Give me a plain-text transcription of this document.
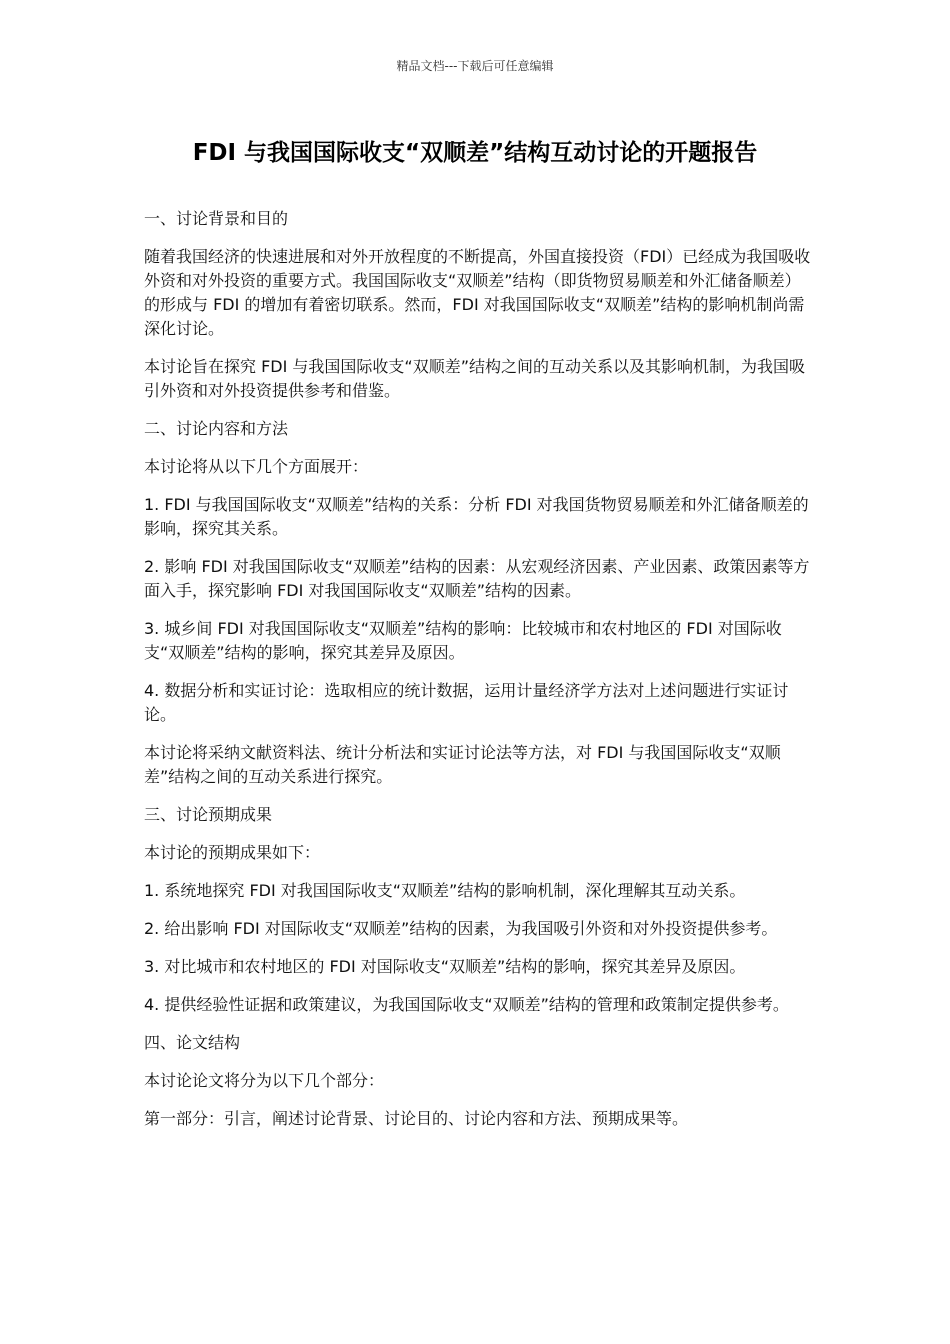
精品文档---下载后可任意编辑
FDI 与我国国际收支“双顺差”结构互动讨论的开题报告

一、讨论背景和目的

随着我国经济的快速进展和对外开放程度的不断提高，外国直接投资（FDI）已经成为我国吸收外资和对外投资的重要方式。我国国际收支“双顺差”结构（即货物贸易顺差和外汇储备顺差）的形成与 FDI 的增加有着密切联系。然而，FDI 对我国国际收支“双顺差”结构的影响机制尚需深化讨论。

本讨论旨在探究 FDI 与我国国际收支“双顺差”结构之间的互动关系以及其影响机制，为我国吸引外资和对外投资提供参考和借鉴。

二、讨论内容和方法

本讨论将从以下几个方面展开：

1. FDI 与我国国际收支“双顺差”结构的关系：分析 FDI 对我国货物贸易顺差和外汇储备顺差的影响，探究其关系。

2. 影响 FDI 对我国国际收支“双顺差”结构的因素：从宏观经济因素、产业因素、政策因素等方面入手，探究影响 FDI 对我国国际收支“双顺差”结构的因素。

3. 城乡间 FDI 对我国国际收支“双顺差”结构的影响：比较城市和农村地区的 FDI 对国际收支“双顺差”结构的影响，探究其差异及原因。

4. 数据分析和实证讨论：选取相应的统计数据，运用计量经济学方法对上述问题进行实证讨论。

本讨论将采纳文献资料法、统计分析法和实证讨论法等方法，对 FDI 与我国国际收支“双顺差”结构之间的互动关系进行探究。

三、讨论预期成果

本讨论的预期成果如下：

1. 系统地探究 FDI 对我国国际收支“双顺差”结构的影响机制，深化理解其互动关系。

2. 给出影响 FDI 对国际收支“双顺差”结构的因素，为我国吸引外资和对外投资提供参考。

3. 对比城市和农村地区的 FDI 对国际收支“双顺差”结构的影响，探究其差异及原因。

4. 提供经验性证据和政策建议，为我国国际收支“双顺差”结构的管理和政策制定提供参考。

四、论文结构

本讨论论文将分为以下几个部分：

第一部分：引言，阐述讨论背景、讨论目的、讨论内容和方法、预期成果等。
